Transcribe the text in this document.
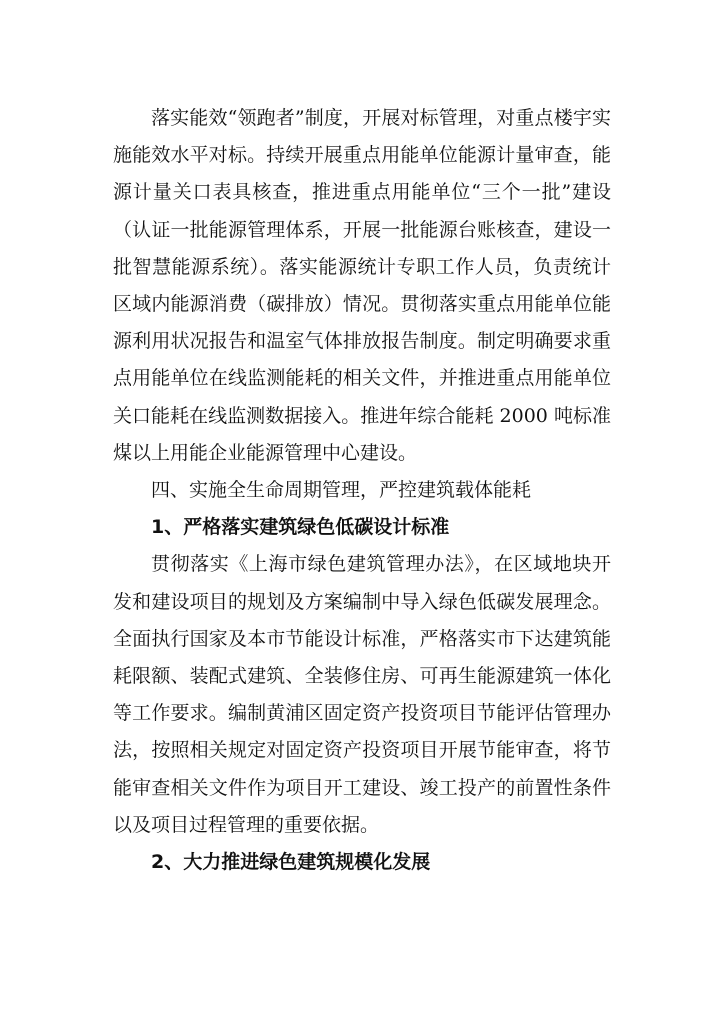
落实能效“领跑者”制度，开展对标管理，对重点楼宇实施能效水平对标。持续开展重点用能单位能源计量审查，能源计量关口表具核查，推进重点用能单位“三个一批”建设（认证一批能源管理体系，开展一批能源台账核查，建设一批智慧能源系统）。落实能源统计专职工作人员，负责统计区域内能源消费（碳排放）情况。贯彻落实重点用能单位能源利用状况报告和温室气体排放报告制度。制定明确要求重点用能单位在线监测能耗的相关文件，并推进重点用能单位关口能耗在线监测数据接入。推进年综合能耗 2000 吨标准煤以上用能企业能源管理中心建设。

四、实施全生命周期管理，严控建筑载体能耗

1、严格落实建筑绿色低碳设计标准

贯彻落实《上海市绿色建筑管理办法》，在区域地块开发和建设项目的规划及方案编制中导入绿色低碳发展理念。全面执行国家及本市节能设计标准，严格落实市下达建筑能耗限额、装配式建筑、全装修住房、可再生能源建筑一体化等工作要求。编制黄浦区固定资产投资项目节能评估管理办法，按照相关规定对固定资产投资项目开展节能审查，将节能审查相关文件作为项目开工建设、竣工投产的前置性条件以及项目过程管理的重要依据。

2、大力推进绿色建筑规模化发展
